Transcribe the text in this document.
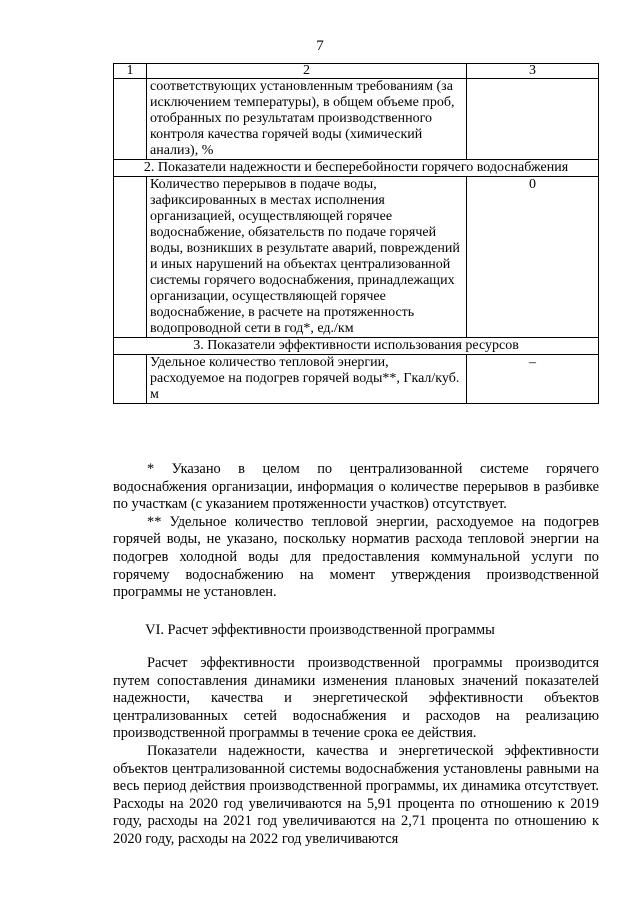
7
1	2	3
	соответствующих установленным требованиям (за исключением температуры), в общем объеме проб, отобранных по результатам производственного контроля качества горячей воды (химический анализ), %	
2. Показатели надежности и бесперебойности горячего водоснабжения		
	Количество перерывов в подаче воды, зафиксированных в местах исполнения организацией, осуществляющей горячее водоснабжение, обязательств по подаче горячей воды, возникших в результате аварий, повреждений и иных нарушений на объектах централизованной системы горячего водоснабжения, принадлежащих организации, осуществляющей горячее водоснабжение, в расчете на протяженность водопроводной сети в год*, ед./км	0
3. Показатели эффективности использования ресурсов		
	Удельное количество тепловой энергии, расходуемое на подогрев горячей воды**, Гкал/куб. м	–

* Указано в целом по централизованной системе горячего водоснабжения организации, информация о количестве перерывов в разбивке по участкам (с указанием протяженности участков) отсутствует.

** Удельное количество тепловой энергии, расходуемое на подогрев горячей воды, не указано, поскольку норматив расхода тепловой энергии на подогрев холодной воды для предоставления коммунальной услуги по горячему водоснабжению на момент утверждения производственной программы не установлен.

VI. Расчет эффективности производственной программы

Расчет эффективности производственной программы производится путем сопоставления динамики изменения плановых значений показателей надежности, качества и энергетической эффективности объектов централизованных сетей водоснабжения и расходов на реализацию производственной программы в течение срока ее действия.

Показатели надежности, качества и энергетической эффективности объектов централизованной системы водоснабжения установлены равными на весь период действия производственной программы, их динамика отсутствует. Расходы на 2020 год увеличиваются на 5,91 процента по отношению к 2019 году, расходы на 2021 год увеличиваются на 2,71 процента по отношению к 2020 году, расходы на 2022 год увеличиваются
